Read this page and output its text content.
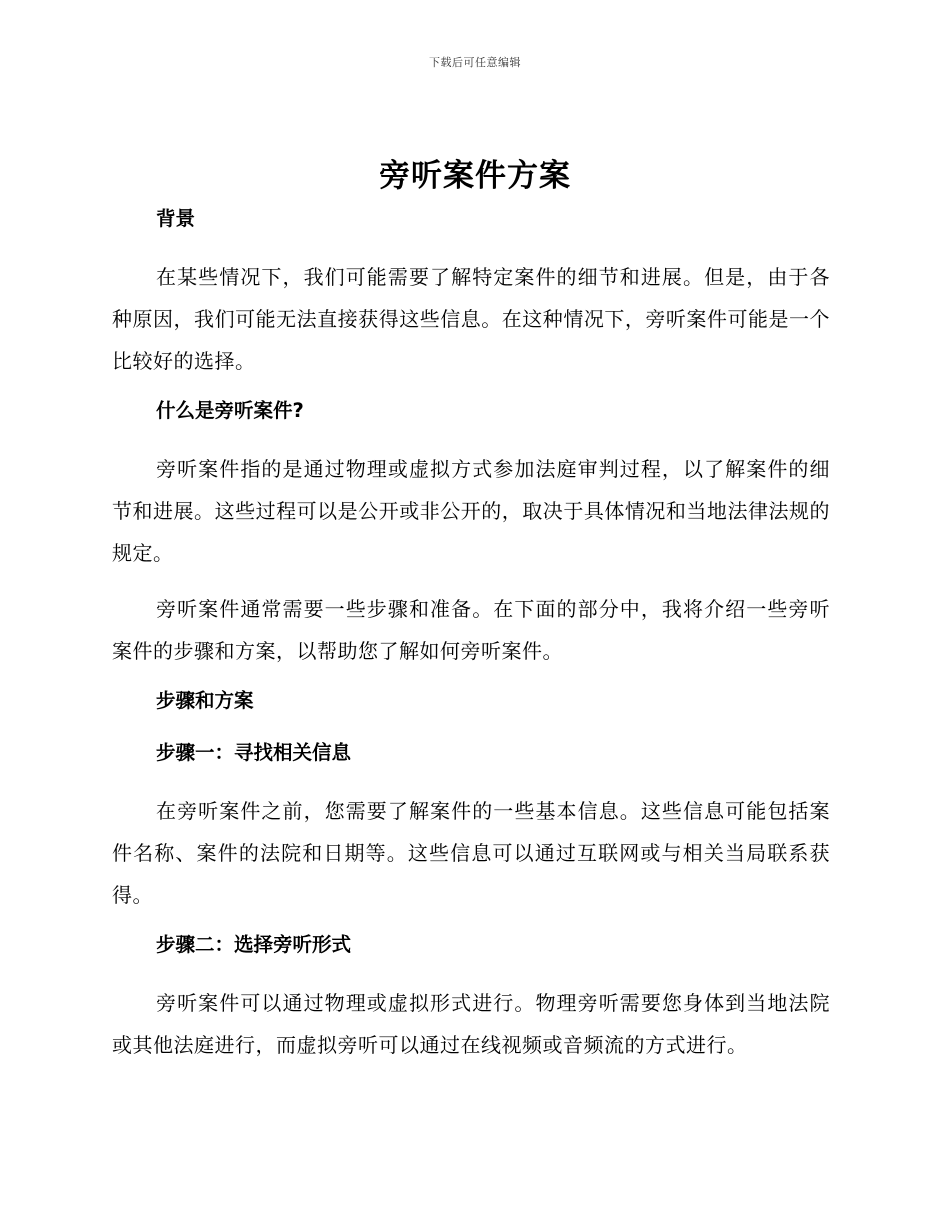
下载后可任意编辑
旁听案件方案
背景

在某些情况下，我们可能需要了解特定案件的细节和进展。但是，由于各种原因，我们可能无法直接获得这些信息。在这种情况下，旁听案件可能是一个比较好的选择。

什么是旁听案件?

旁听案件指的是通过物理或虚拟方式参加法庭审判过程，以了解案件的细节和进展。这些过程可以是公开或非公开的，取决于具体情况和当地法律法规的规定。

旁听案件通常需要一些步骤和准备。在下面的部分中，我将介绍一些旁听案件的步骤和方案，以帮助您了解如何旁听案件。

步骤和方案
步骤一：寻找相关信息

在旁听案件之前，您需要了解案件的一些基本信息。这些信息可能包括案件名称、案件的法院和日期等。这些信息可以通过互联网或与相关当局联系获得。

步骤二：选择旁听形式

旁听案件可以通过物理或虚拟形式进行。物理旁听需要您身体到当地法院或其他法庭进行，而虚拟旁听可以通过在线视频或音频流的方式进行。
